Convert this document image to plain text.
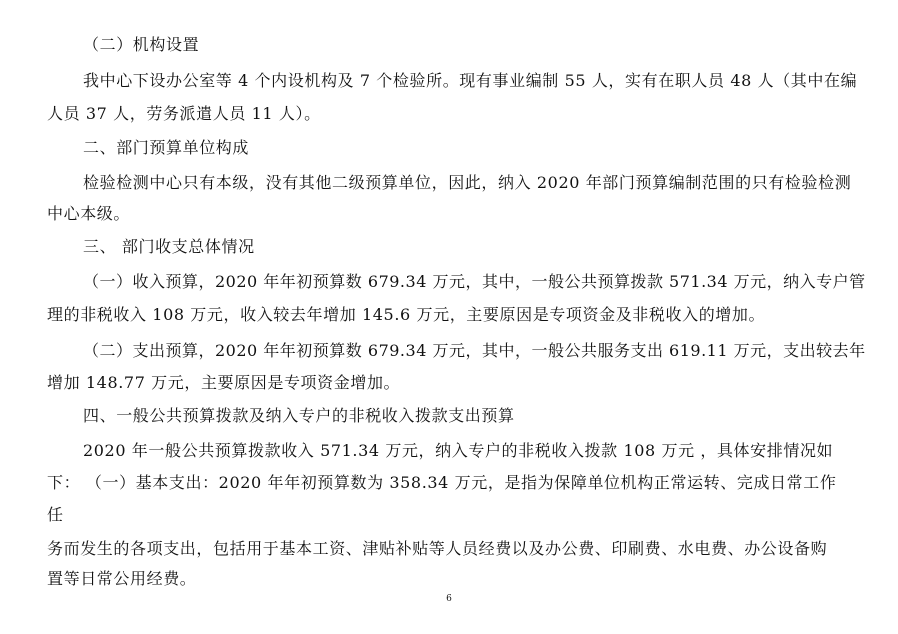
（二）机构设置
我中心下设办公室等 4 个内设机构及 7 个检验所。现有事业编制 55 人，实有在职人员 48 人（其中在编
人员 37 人，劳务派遣人员 11 人）。
二、部门预算单位构成
检验检测中心只有本级，没有其他二级预算单位，因此，纳入 2020 年部门预算编制范围的只有检验检测
中心本级。
三、 部门收支总体情况
（一）收入预算，2020 年年初预算数 679.34 万元，其中，一般公共预算拨款 571.34 万元，纳入专户管
理的非税收入 108 万元，收入较去年增加 145.6 万元，主要原因是专项资金及非税收入的增加。
（二）支出预算，2020 年年初预算数 679.34 万元，其中，一般公共服务支出 619.11 万元，支出较去年
增加 148.77 万元，主要原因是专项资金增加。
四、一般公共预算拨款及纳入专户的非税收入拨款支出预算
2020 年一般公共预算拨款收入 571.34 万元，纳入专户的非税收入拨款 108 万元 ，具体安排情况如
下： （一）基本支出：2020 年年初预算数为 358.34 万元，是指为保障单位机构正常运转、完成日常工作
任
务而发生的各项支出，包括用于基本工资、津贴补贴等人员经费以及办公费、印刷费、水电费、办公设备购
置等日常公用经费。
6
